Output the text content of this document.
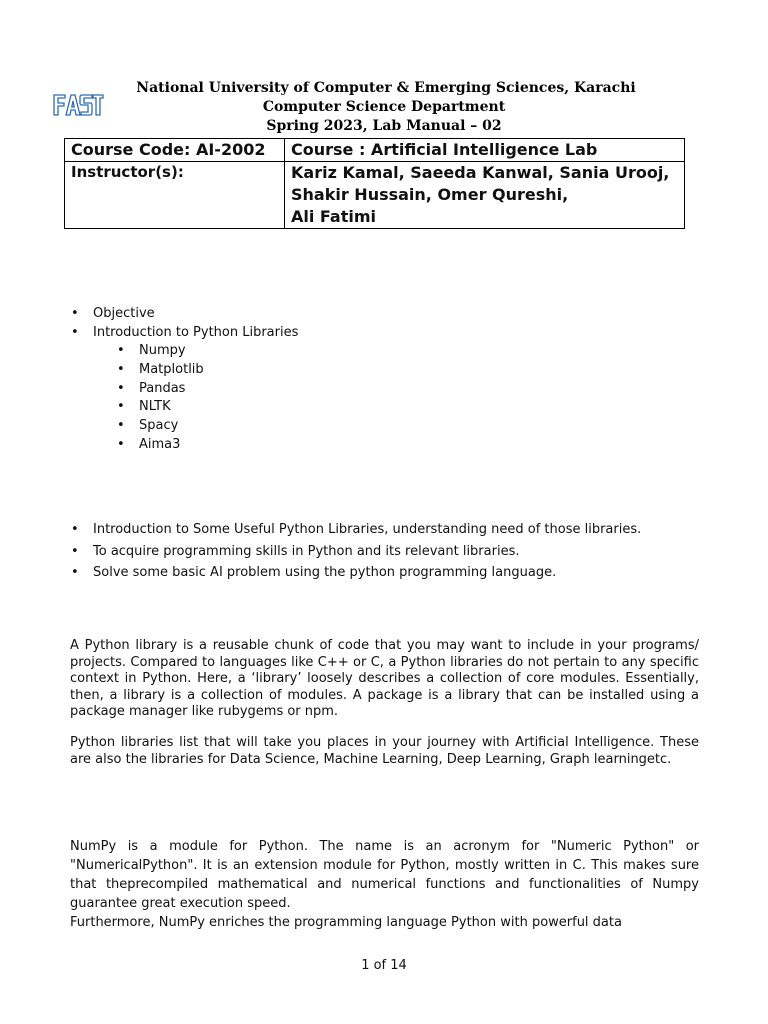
National University of Computer & Emerging Sciences, Karachi
Computer Science Department
Spring 2023, Lab Manual – 02
Course Code: AI-2002	Course : Artificial Intelligence Lab
Instructor(s):	Kariz Kamal, Saeeda Kanwal, Sania Urooj,
Shakir Hussain, Omer Qureshi,
Ali Fatimi
• Objective
• Introduction to Python Libraries
• Numpy
• Matplotlib
• Pandas
• NLTK
• Spacy
• Aima3
• Introduction to Some Useful Python Libraries, understanding need of those libraries.
• To acquire programming skills in Python and its relevant libraries.
• Solve some basic AI problem using the python programming language.

A Python library is a reusable chunk of code that you may want to include in your programs/ projects. Compared to languages like C++ or C, a Python libraries do not pertain to any specific context in Python. Here, a ‘library’ loosely describes a collection of core modules. Essentially, then, a library is a collection of modules. A package is a library that can be installed using a package manager like rubygems or npm.

Python libraries list that will take you places in your journey with Artificial Intelligence. These are also the libraries for Data Science, Machine Learning, Deep Learning, Graph learningetc.

NumPy is a module for Python. The name is an acronym for "Numeric Python" or "NumericalPython". It is an extension module for Python, mostly written in C. This makes sure that theprecompiled mathematical and numerical functions and functionalities of Numpy guarantee great execution speed.
Furthermore, NumPy enriches the programming language Python with powerful data
1 of 14
